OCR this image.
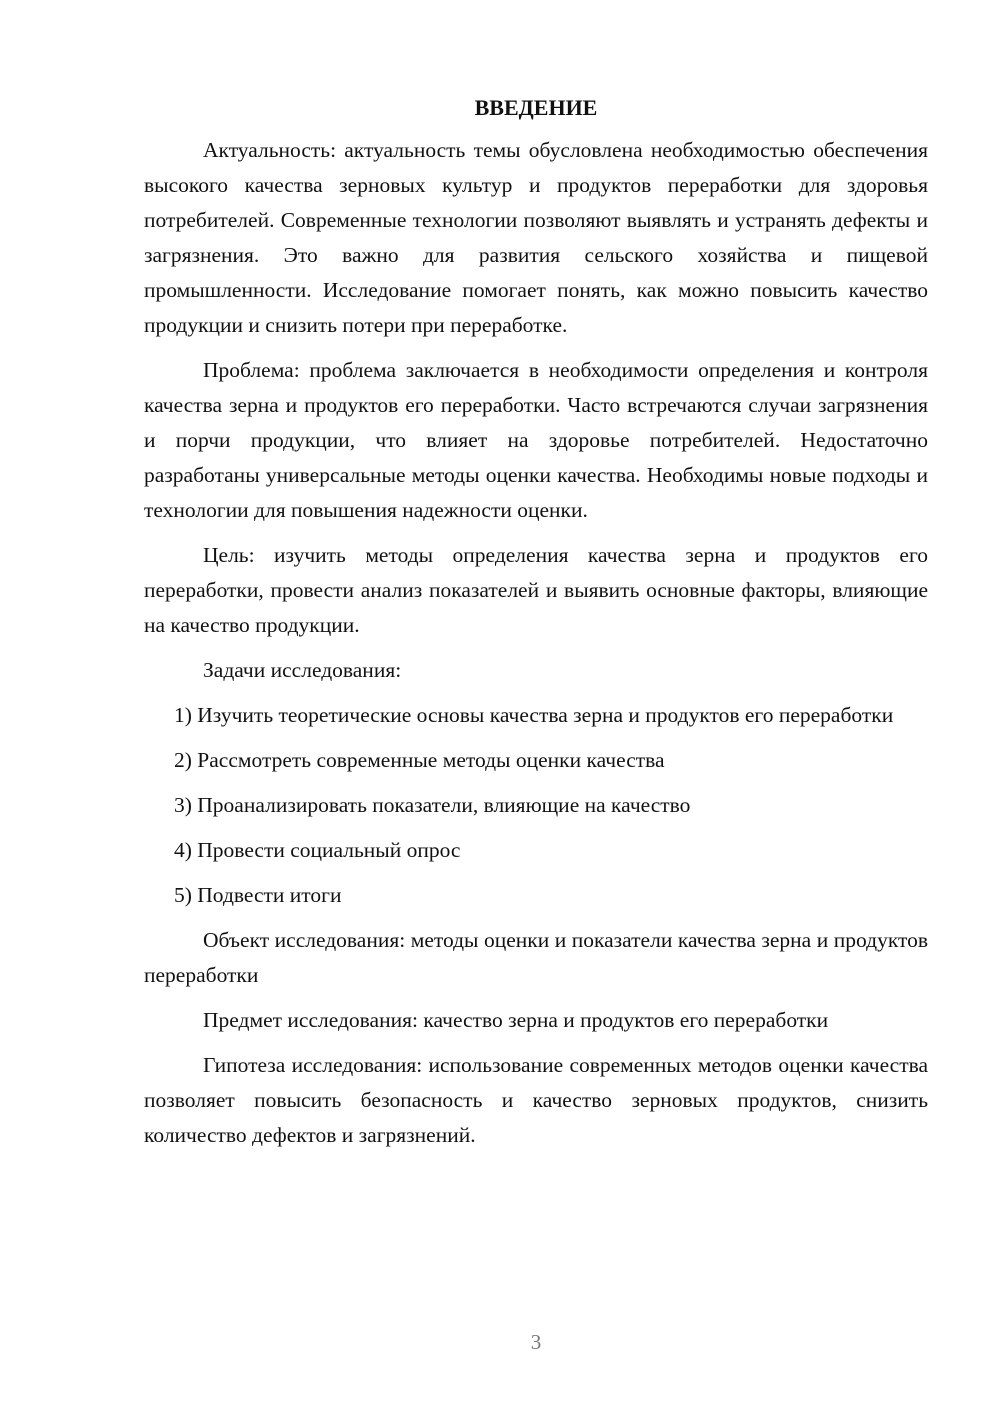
ВВЕДЕНИЕ

Актуальность: актуальность темы обусловлена необходимостью обеспечения высокого качества зерновых культур и продуктов переработки для здоровья потребителей. Современные технологии позволяют выявлять и устранять дефекты и загрязнения. Это важно для развития сельского хозяйства и пищевой промышленности. Исследование помогает понять, как можно повысить качество продукции и снизить потери при переработке.

Проблема: проблема заключается в необходимости определения и контроля качества зерна и продуктов его переработки. Часто встречаются случаи загрязнения и порчи продукции, что влияет на здоровье потребителей. Недостаточно разработаны универсальные методы оценки качества. Необходимы новые подходы и технологии для повышения надежности оценки.

Цель: изучить методы определения качества зерна и продуктов его переработки, провести анализ показателей и выявить основные факторы, влияющие на качество продукции.

Задачи исследования:

1) Изучить теоретические основы качества зерна и продуктов его переработки

2) Рассмотреть современные методы оценки качества

3) Проанализировать показатели, влияющие на качество

4) Провести социальный опрос

5) Подвести итоги

Объект исследования: методы оценки и показатели качества зерна и продуктов переработки

Предмет исследования: качество зерна и продуктов его переработки

Гипотеза исследования: использование современных методов оценки качества позволяет повысить безопасность и качество зерновых продуктов, снизить количество дефектов и загрязнений.

3
